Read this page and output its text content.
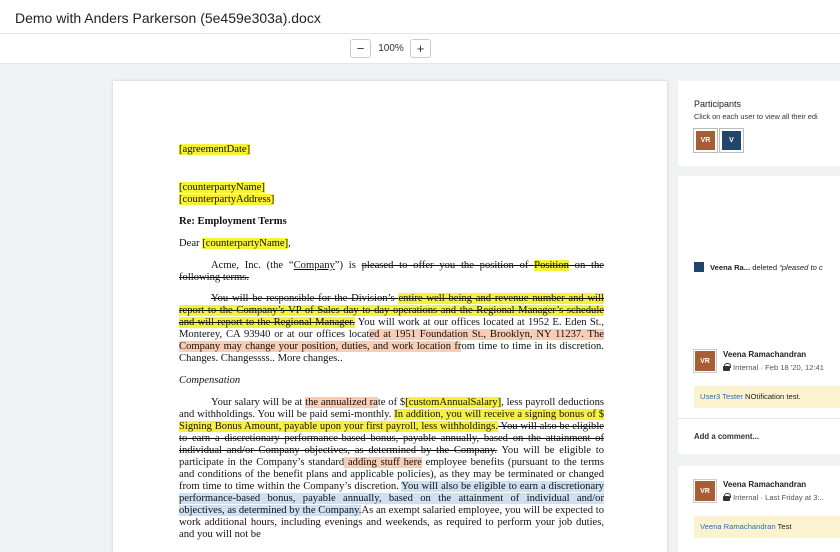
Demo with Anders Parkerson (5e459e303a).docx
−	100% +

[agreementDate]

[counterpartyName]

[counterpartyAddress]

Re: Employment Terms

Dear [counterpartyName],

Acme, Inc. (the “Company”) is pleased to offer you the position of Position on the following terms.

You will be responsible for the Division’s entire well being and revenue number and will report to the Company’s VP of Sales day to day operations and the Regional Manager’s schedule and will report to the Regional Manager. You will work at our offices located at 1952 E. Eden St., Monterey, CA 93940 or at our offices located at 1951 Foundation St., Brooklyn, NY 11237. The Company may change your position, duties, and work location from time to time in its discretion. Changes. Changessss.. More changes..

Compensation

Your salary will be at the annualized rate of $[customAnnualSalary], less payroll deductions and withholdings. You will be paid semi-monthly. In addition, you will receive a signing bonus of $ Signing Bonus Amount, payable upon your first payroll, less withholdings. You will also be eligible to earn a discretionary performance-based bonus, payable annually, based on the attainment of individual and/or Company objectives, as determined by the Company. You will be eligible to participate in the Company’s standard adding stuff here employee benefits (pursuant to the terms and conditions of the benefit plans and applicable policies), as they may be terminated or changed from time to time within the Company’s discretion. You will also be eligible to earn a discretionary performance-based bonus, payable annually, based on the attainment of individual and/or objectives, as determined by the Company.As an exempt salaried employee, you will be expected to work additional hours, including evenings and weekends, as required to perform your job duties, and you will not be

Participants
Click on each user to view all their edi
VR	V
Veena Ra... deleted “pleased to c
VR
Veena Ramachandran
Internal · Feb 18 '20, 12:41
User3 Tester NOtification test.
Add a comment...
VR
Veena Ramachandran
Internal · Last Friday at 3:..
Veena Ramachandran Test
